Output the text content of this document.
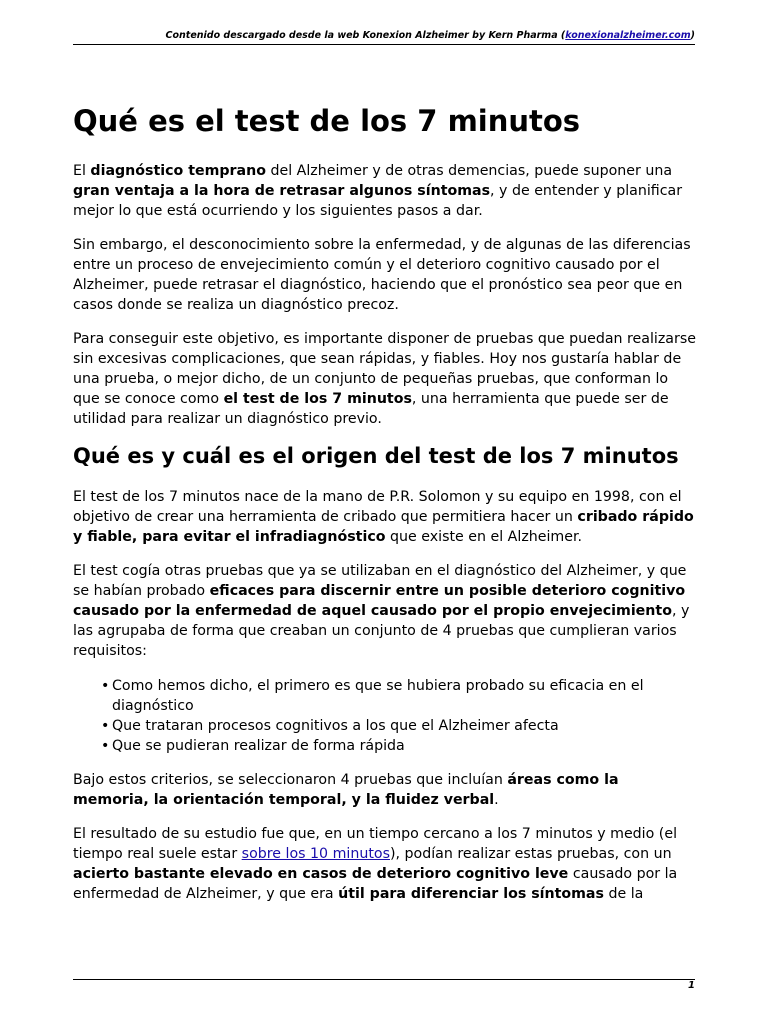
Contenido descargado desde la web Konexion Alzheimer by Kern Pharma (konexionalzheimer.com)
Qué es el test de los 7 minutos

El diagnóstico temprano del Alzheimer y de otras demencias, puede suponer una gran ventaja a la hora de retrasar algunos síntomas, y de entender y planificar mejor lo que está ocurriendo y los siguientes pasos a dar.

Sin embargo, el desconocimiento sobre la enfermedad, y de algunas de las diferencias entre un proceso de envejecimiento común y el deterioro cognitivo causado por el Alzheimer, puede retrasar el diagnóstico, haciendo que el pronóstico sea peor que en casos donde se realiza un diagnóstico precoz.

Para conseguir este objetivo, es importante disponer de pruebas que puedan realizarse sin excesivas complicaciones, que sean rápidas, y fiables. Hoy nos gustaría hablar de una prueba, o mejor dicho, de un conjunto de pequeñas pruebas, que conforman lo que se conoce como el test de los 7 minutos, una herramienta que puede ser de utilidad para realizar un diagnóstico previo.

Qué es y cuál es el origen del test de los 7 minutos

El test de los 7 minutos nace de la mano de P.R. Solomon y su equipo en 1998, con el objetivo de crear una herramienta de cribado que permitiera hacer un cribado rápido y fiable, para evitar el infradiagnóstico que existe en el Alzheimer.

El test cogía otras pruebas que ya se utilizaban en el diagnóstico del Alzheimer, y que se habían probado eficaces para discernir entre un posible deterioro cognitivo causado por la enfermedad de aquel causado por el propio envejecimiento, y las agrupaba de forma que creaban un conjunto de 4 pruebas que cumplieran varios requisitos:

• Como hemos dicho, el primero es que se hubiera probado su eficacia en el diagnóstico
• Que trataran procesos cognitivos a los que el Alzheimer afecta
• Que se pudieran realizar de forma rápida

Bajo estos criterios, se seleccionaron 4 pruebas que incluían áreas como la memoria, la orientación temporal, y la fluidez verbal.

El resultado de su estudio fue que, en un tiempo cercano a los 7 minutos y medio (el tiempo real suele estar sobre los 10 minutos), podían realizar estas pruebas, con un acierto bastante elevado en casos de deterioro cognitivo leve causado por la enfermedad de Alzheimer, y que era útil para diferenciar los síntomas de la

1
